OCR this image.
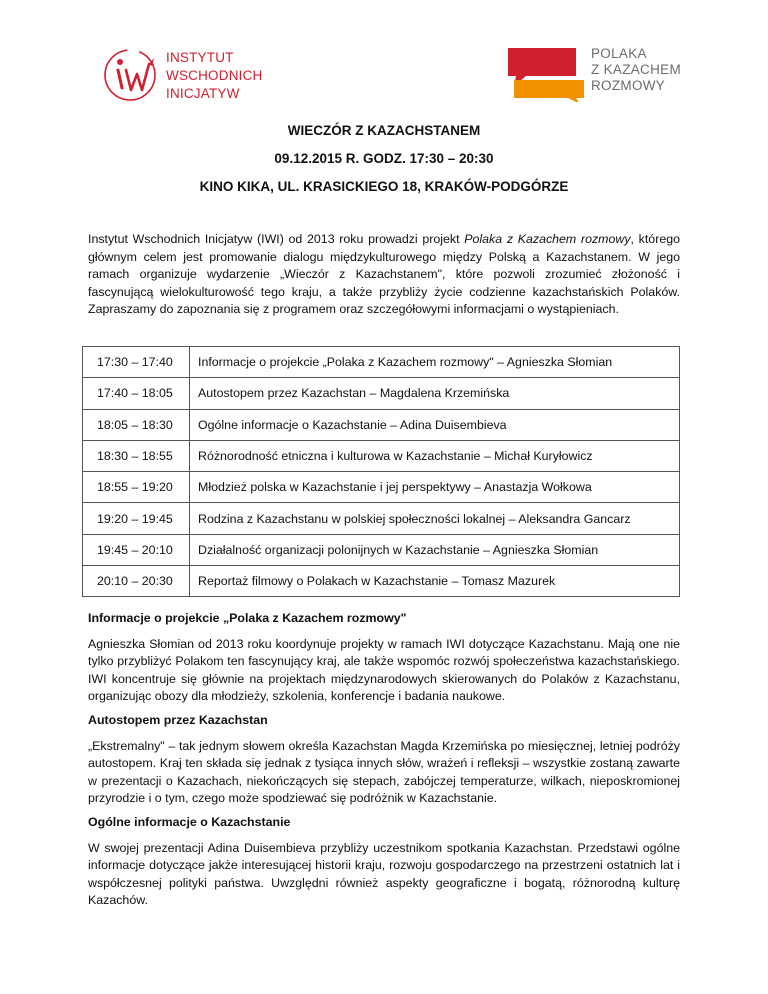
INSTYTUT
WSCHODNICH
INICJATYW
POLAKA
Z KAZACHEM
ROZMOWY
WIECZÓR Z KAZACHSTANEM
09.12.2015 R. GODZ. 17:30 – 20:30
KINO KIKA, UL. KRASICKIEGO 18, KRAKÓW-PODGÓRZE
Instytut Wschodnich Inicjatyw (IWI) od 2013 roku prowadzi projekt Polaka z Kazachem rozmowy, którego głównym celem jest promowanie dialogu międzykulturowego między Polską a Kazachstanem. W jego ramach organizuje wydarzenie „Wieczór z Kazachstanem", które pozwoli zrozumieć złożoność i fascynującą wielokulturowość tego kraju, a także przybliży życie codzienne kazachstańskich Polaków. Zapraszamy do zapoznania się z programem oraz szczegółowymi informacjami o wystąpieniach.
17:30 – 17:40	Informacje o projekcie „Polaka z Kazachem rozmowy" – Agnieszka Słomian
17:40 – 18:05	Autostopem przez Kazachstan – Magdalena Krzemińska
18:05 – 18:30	Ogólne informacje o Kazachstanie – Adina Duisembieva
18:30 – 18:55	Różnorodność etniczna i kulturowa w Kazachstanie – Michał Kuryłowicz
18:55 – 19:20	Młodzież polska w Kazachstanie i jej perspektywy – Anastazja Wołkowa
19:20 – 19:45	Rodzina z Kazachstanu w polskiej społeczności lokalnej – Aleksandra Gancarz
19:45 – 20:10	Działalność organizacji polonijnych w Kazachstanie – Agnieszka Słomian
20:10 – 20:30	Reportaż filmowy o Polakach w Kazachstanie – Tomasz Mazurek
Informacje o projekcie „Polaka z Kazachem rozmowy"

Agnieszka Słomian od 2013 roku koordynuje projekty w ramach IWI dotyczące Kazachstanu. Mają one nie tylko przybliżyć Polakom ten fascynujący kraj, ale także wspomóc rozwój społeczeństwa kazachstańskiego. IWI koncentruje się głównie na projektach międzynarodowych skierowanych do Polaków z Kazachstanu, organizując obozy dla młodzieży, szkolenia, konferencje i badania naukowe.

Autostopem przez Kazachstan

„Ekstremalny" – tak jednym słowem określa Kazachstan Magda Krzemińska po miesięcznej, letniej podróży autostopem. Kraj ten składa się jednak z tysiąca innych słów, wrażeń i refleksji – wszystkie zostaną zawarte w prezentacji o Kazachach, niekończących się stepach, zabójczej temperaturze, wilkach, nieposkromionej przyrodzie i o tym, czego może spodziewać się podróżnik w Kazachstanie.

Ogólne informacje o Kazachstanie

W swojej prezentacji Adina Duisembieva przybliży uczestnikom spotkania Kazachstan. Przedstawi ogólne informacje dotyczące jakże interesującej historii kraju, rozwoju gospodarczego na przestrzeni ostatnich lat i współczesnej polityki państwa. Uwzględni również aspekty geograficzne i bogatą, różnorodną kulturę Kazachów.
